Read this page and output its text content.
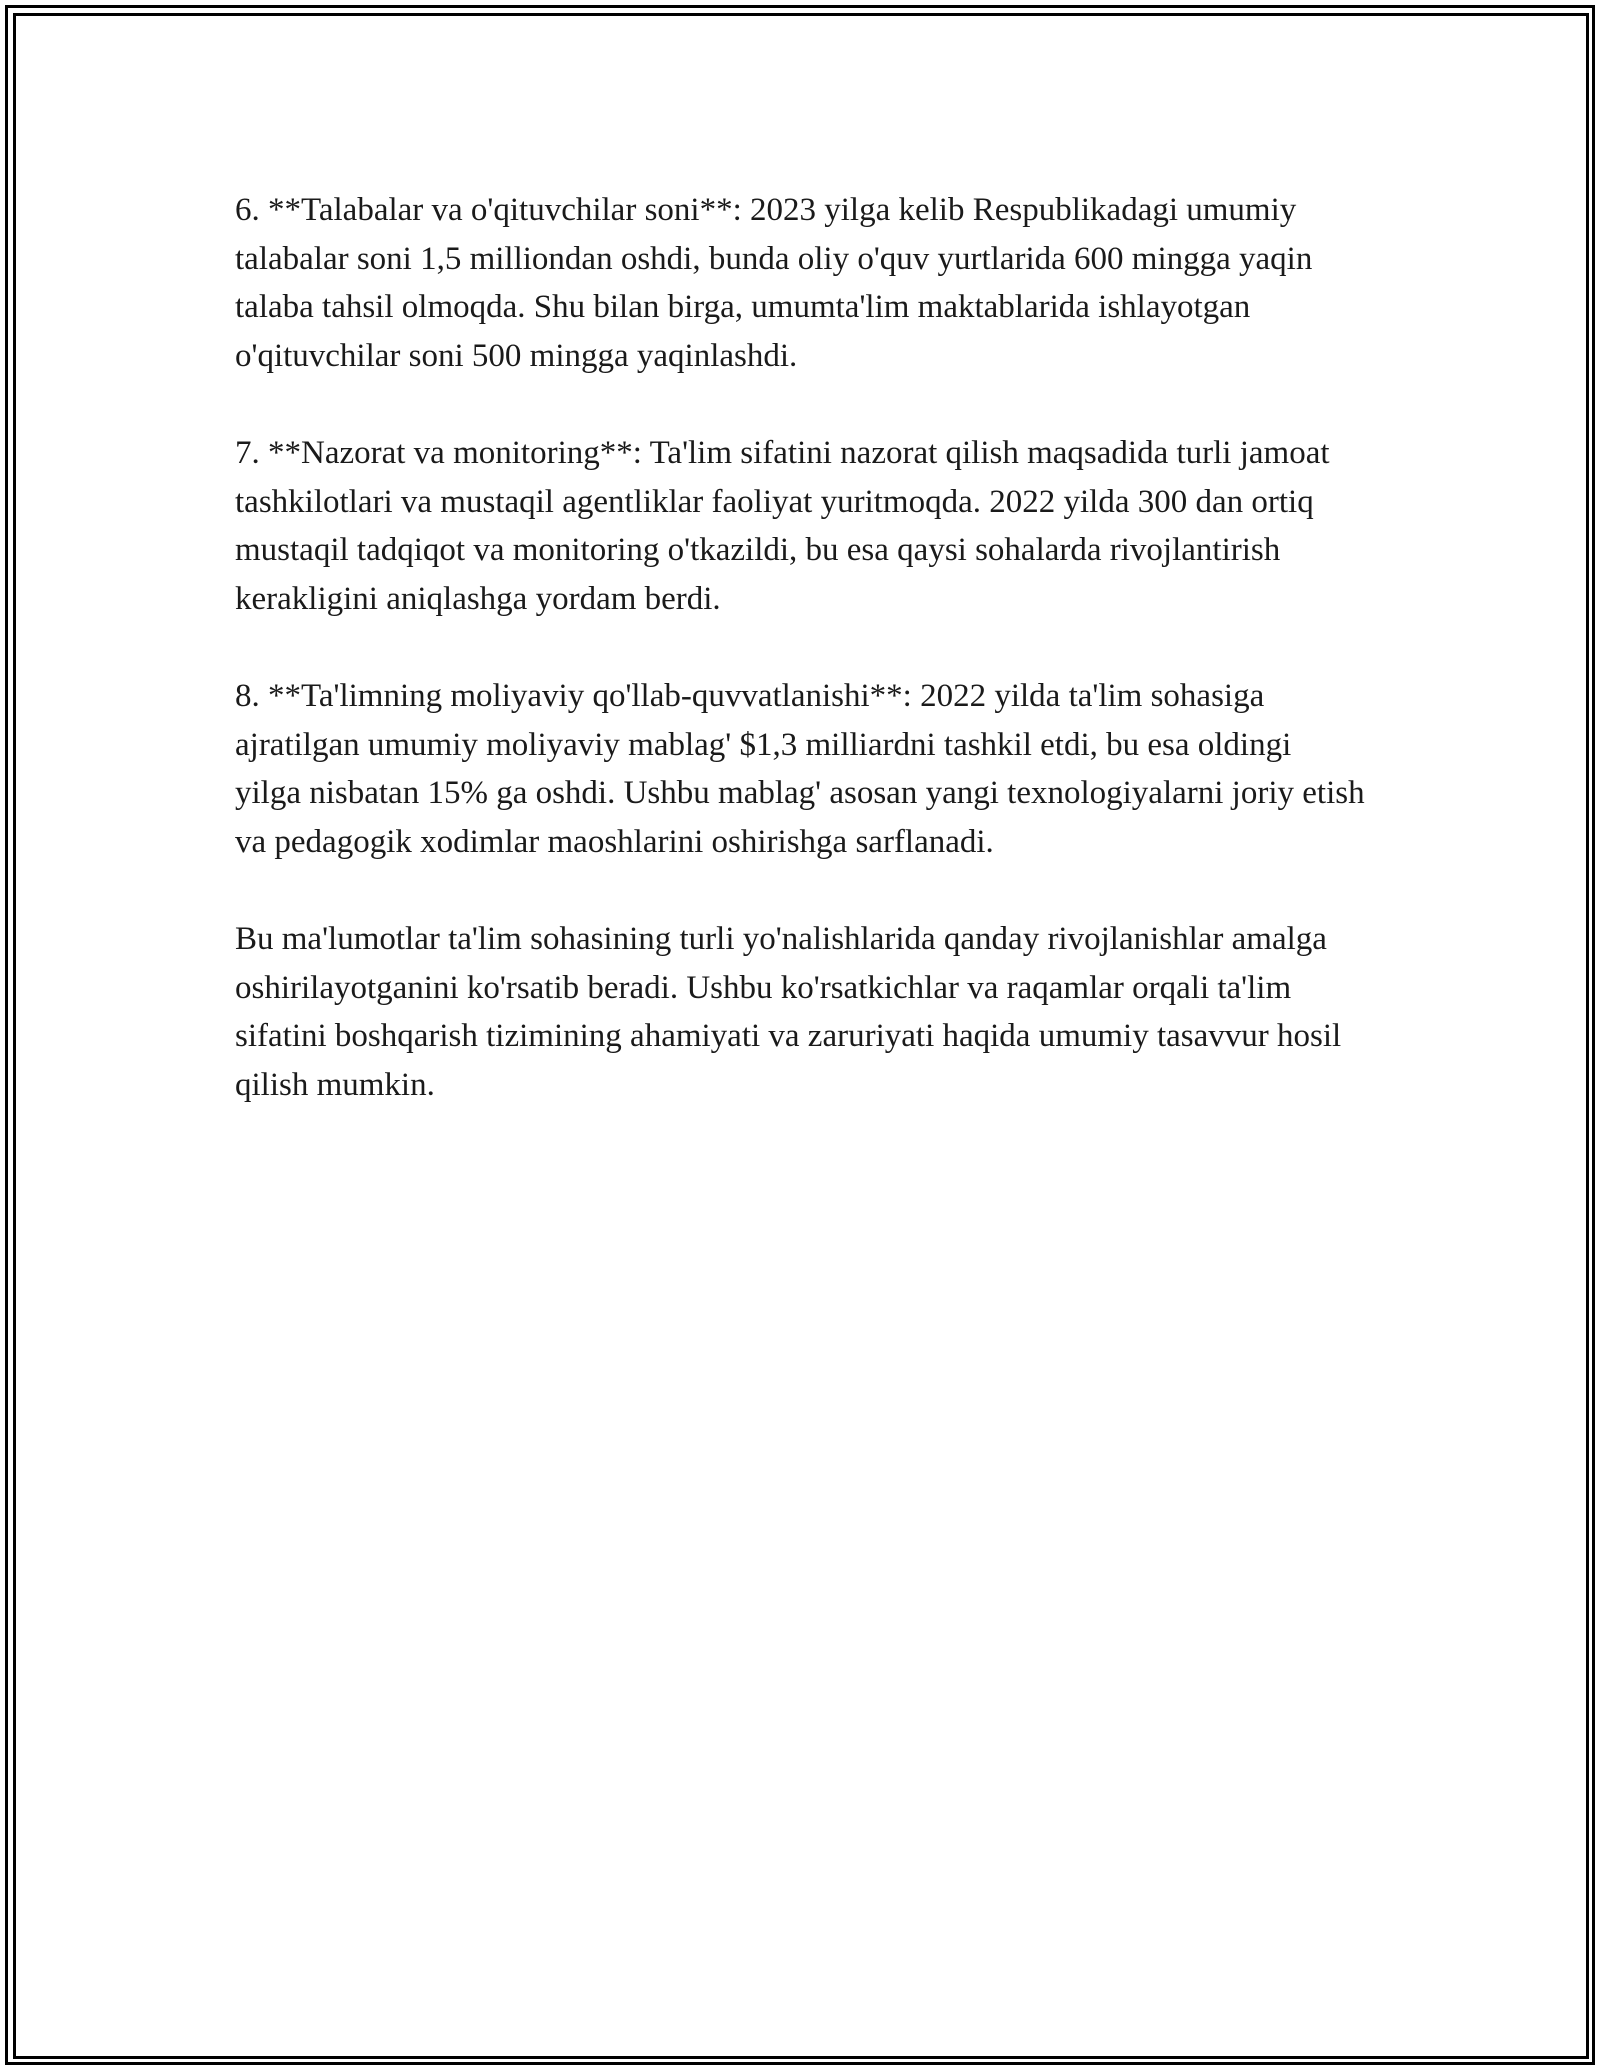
6. **Talabalar va o'qituvchilar soni**: 2023 yilga kelib Respublikadagi umumiy talabalar soni 1,5 milliondan oshdi, bunda oliy o'quv yurtlarida 600 mingga yaqin talaba tahsil olmoqda. Shu bilan birga, umumta'lim maktablarida ishlayotgan o'qituvchilar soni 500 mingga yaqinlashdi.

7. **Nazorat va monitoring**: Ta'lim sifatini nazorat qilish maqsadida turli jamoat tashkilotlari va mustaqil agentliklar faoliyat yuritmoqda. 2022 yilda 300 dan ortiq mustaqil tadqiqot va monitoring o'tkazildi, bu esa qaysi sohalarda rivojlantirish kerakligini aniqlashga yordam berdi.

8. **Ta'limning moliyaviy qo'llab-quvvatlanishi**: 2022 yilda ta'lim sohasiga ajratilgan umumiy moliyaviy mablag' $1,3 milliardni tashkil etdi, bu esa oldingi yilga nisbatan 15% ga oshdi. Ushbu mablag' asosan yangi texnologiyalarni joriy etish va pedagogik xodimlar maoshlarini oshirishga sarflanadi.

Bu ma'lumotlar ta'lim sohasining turli yo'nalishlarida qanday rivojlanishlar amalga oshirilayotganini ko'rsatib beradi. Ushbu ko'rsatkichlar va raqamlar orqali ta'lim sifatini boshqarish tizimining ahamiyati va zaruriyati haqida umumiy tasavvur hosil qilish mumkin.
